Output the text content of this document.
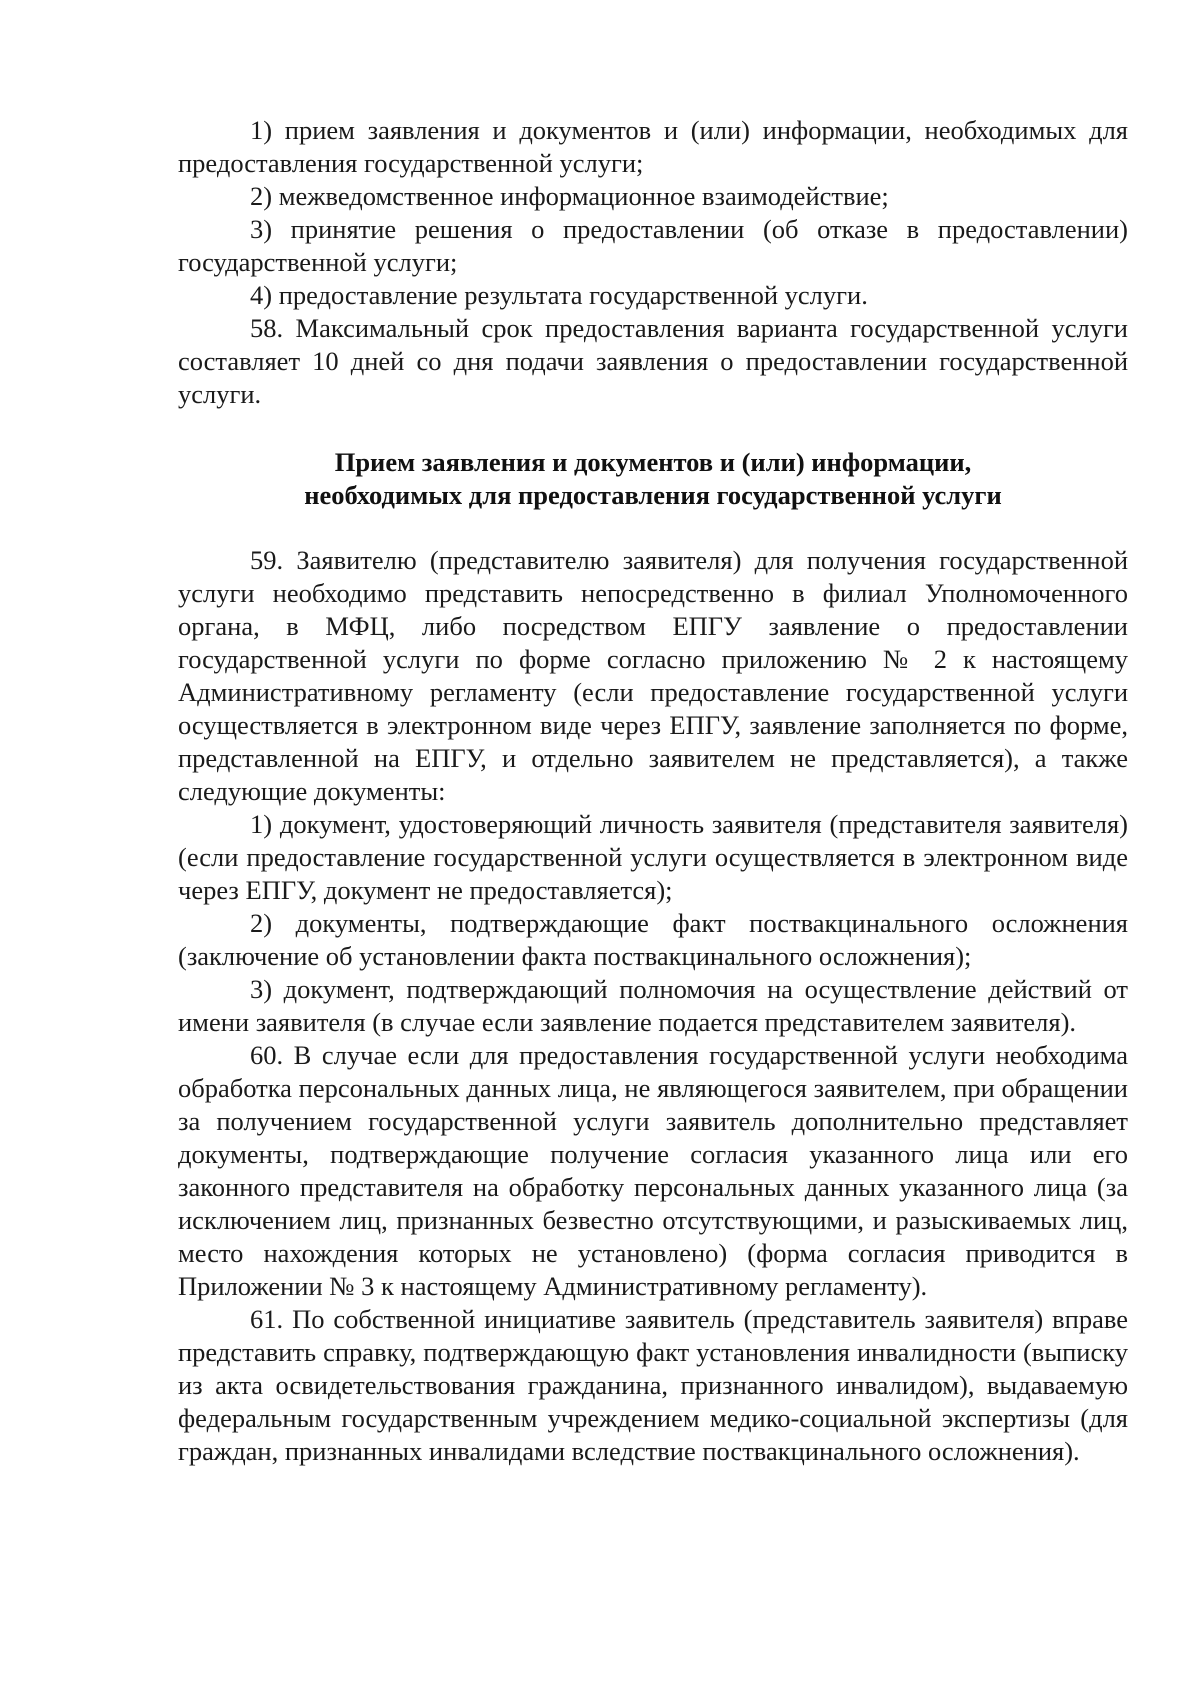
1) прием заявления и документов и (или) информации, необходимых для предоставления государственной услуги;

2) межведомственное информационное взаимодействие;

3) принятие решения о предоставлении (об отказе в предоставлении) государственной услуги;

4) предоставление результата государственной услуги.

58. Максимальный срок предоставления варианта государственной услуги составляет 10 дней со дня подачи заявления о предоставлении государственной услуги.

Прием заявления и документов и (или) информации,
необходимых для предоставления государственной услуги

59. Заявителю (представителю заявителя) для получения государственной услуги необходимо представить непосредственно в филиал Уполномоченного органа, в МФЦ, либо посредством ЕПГУ заявление о предоставлении государственной услуги по форме согласно приложению № 2 к настоящему Административному регламенту (если предоставление государственной услуги осуществляется в электронном виде через ЕПГУ, заявление заполняется по форме, представленной на ЕПГУ, и отдельно заявителем не представляется), а также следующие документы:

1) документ, удостоверяющий личность заявителя (представителя заявителя) (если предоставление государственной услуги осуществляется в электронном виде через ЕПГУ, документ не предоставляется);

2) документы, подтверждающие факт поствакцинального осложнения (заключение об установлении факта поствакцинального осложнения);

3) документ, подтверждающий полномочия на осуществление действий от имени заявителя (в случае если заявление подается представителем заявителя).

60. В случае если для предоставления государственной услуги необходима обработка персональных данных лица, не являющегося заявителем, при обращении за получением государственной услуги заявитель дополнительно представляет документы, подтверждающие получение согласия указанного лица или его законного представителя на обработку персональных данных указанного лица (за исключением лиц, признанных безвестно отсутствующими, и разыскиваемых лиц, место нахождения которых не установлено) (форма согласия приводится в Приложении № 3 к настоящему Административному регламенту).

61. По собственной инициативе заявитель (представитель заявителя) вправе представить справку, подтверждающую факт установления инвалидности (выписку из акта освидетельствования гражданина, признанного инвалидом), выдаваемую федеральным государственным учреждением медико-социальной экспертизы (для граждан, признанных инвалидами вследствие поствакцинального осложнения).
